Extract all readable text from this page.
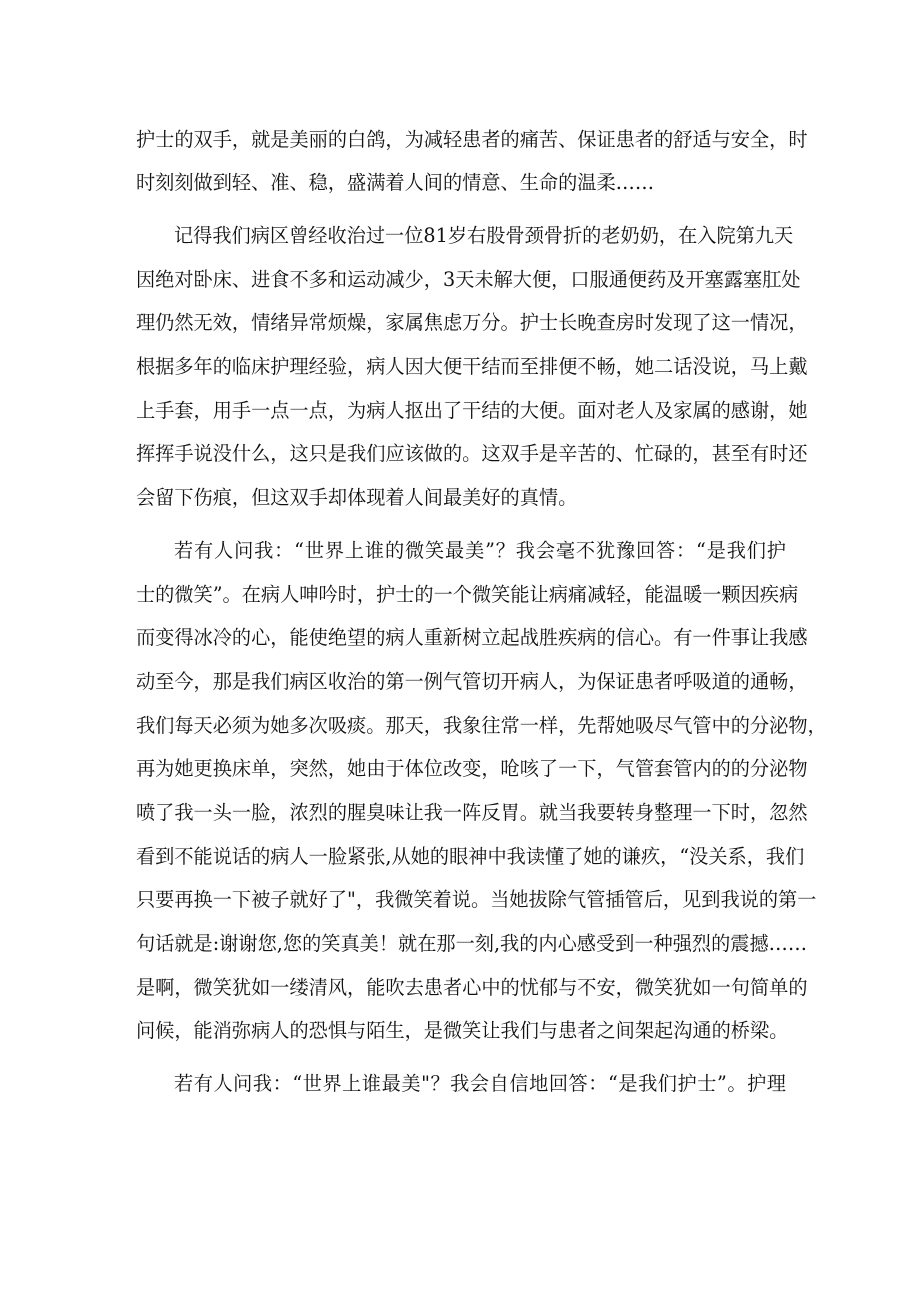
护士的双手，就是美丽的白鸽，为减轻患者的痛苦、保证患者的舒适与安全，时
时刻刻做到轻、准、稳，盛满着人间的情意、生命的温柔……
记得我们病区曾经收治过一位81岁右股骨颈骨折的老奶奶，在入院第九天
因绝对卧床、进食不多和运动减少，3天未解大便，口服通便药及开塞露塞肛处
理仍然无效，情绪异常烦燥，家属焦虑万分。护士长晚查房时发现了这一情况，
根据多年的临床护理经验，病人因大便干结而至排便不畅，她二话没说，马上戴
上手套，用手一点一点，为病人抠出了干结的大便。面对老人及家属的感谢，她
挥挥手说没什么，这只是我们应该做的。这双手是辛苦的、忙碌的，甚至有时还
会留下伤痕，但这双手却体现着人间最美好的真情。
若有人问我：“世界上谁的微笑最美”？我会毫不犹豫回答：“是我们护
士的微笑”。在病人呻吟时，护士的一个微笑能让病痛减轻，能温暖一颗因疾病
而变得冰冷的心，能使绝望的病人重新树立起战胜疾病的信心。有一件事让我感
动至今，那是我们病区收治的第一例气管切开病人，为保证患者呼吸道的通畅，
我们每天必须为她多次吸痰。那天，我象往常一样，先帮她吸尽气管中的分泌物，
再为她更换床单，突然，她由于体位改变，呛咳了一下，气管套管内的的分泌物
喷了我一头一脸，浓烈的腥臭味让我一阵反胃。就当我要转身整理一下时，忽然
看到不能说话的病人一脸紧张,从她的眼神中我读懂了她的谦疚，“没关系，我们
只要再换一下被子就好了"，我微笑着说。当她拔除气管插管后，见到我说的第一
句话就是:谢谢您,您的笑真美！就在那一刻,我的内心感受到一种强烈的震撼……
是啊，微笑犹如一缕清风，能吹去患者心中的忧郁与不安，微笑犹如一句简单的
问候，能消弥病人的恐惧与陌生，是微笑让我们与患者之间架起沟通的桥梁。
若有人问我：“世界上谁最美"？我会自信地回答：“是我们护士”。护理
